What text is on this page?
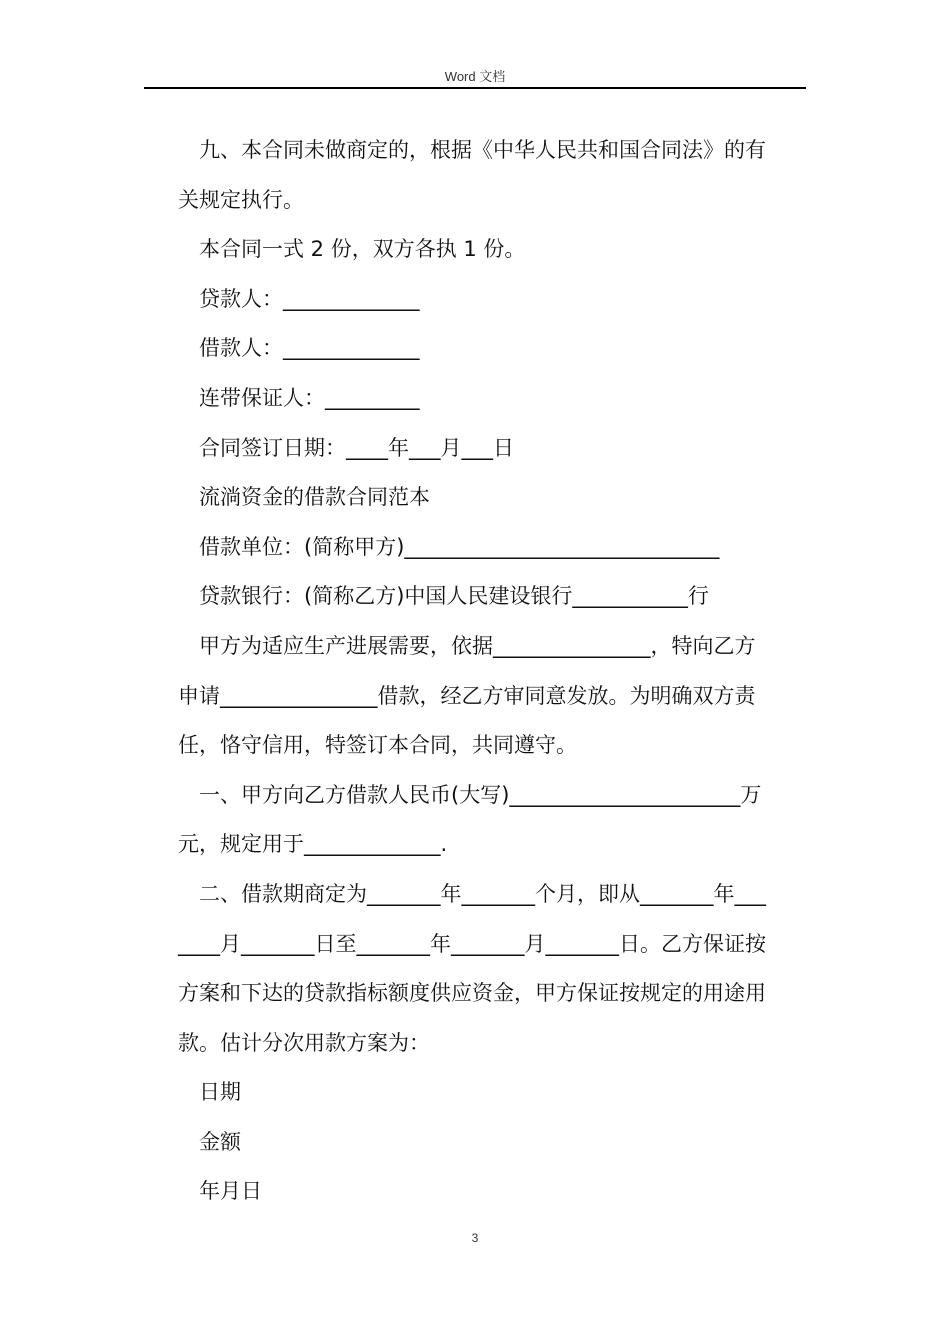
Word 文档

九、本合同未做商定的，根据《中华人民共和国合同法》的有

关规定执行。

本合同一式 2 份，双方各执 1 份。

贷款人：_____________

借款人：_____________

连带保证人：_________

合同签订日期：____年___月___日

流淌资金的借款合同范本

借款单位：(简称甲方)______________________________

贷款银行：(简称乙方)中国人民建设银行___________行

甲方为适应生产进展需要，依据_______________，特向乙方

申请_______________借款，经乙方审同意发放。为明确双方责

任，恪守信用，特签订本合同，共同遵守。

一、甲方向乙方借款人民币(大写)______________________万

元，规定用于_____________.

二、借款期商定为_______年_______个月，即从_______年___

____月_______日至_______年_______月_______日。乙方保证按

方案和下达的贷款指标额度供应资金，甲方保证按规定的用途用

款。估计分次用款方案为：

日期

金额

年月日

3
